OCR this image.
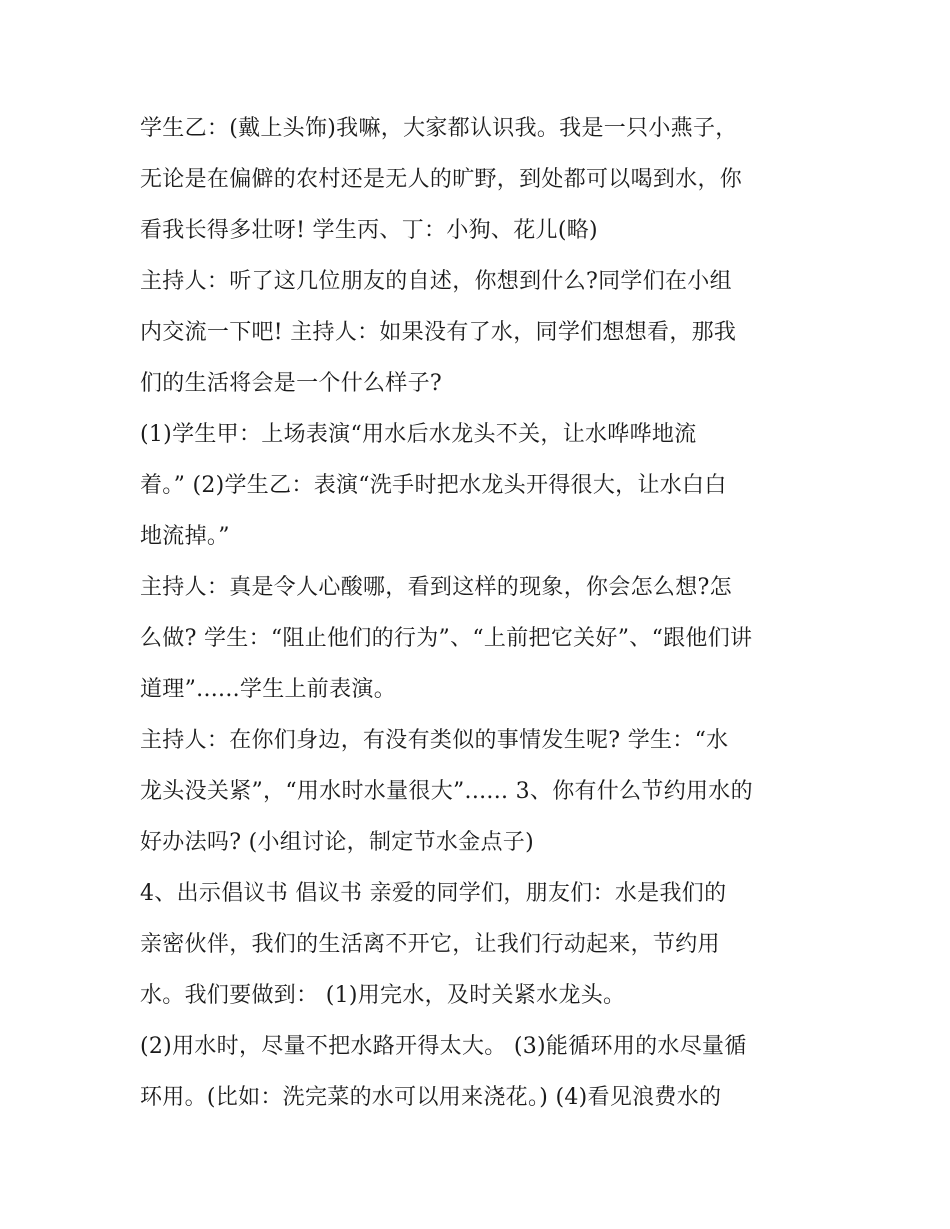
学生乙：(戴上头饰)我嘛，大家都认识我。我是一只小燕子，
无论是在偏僻的农村还是无人的旷野，到处都可以喝到水，你
看我长得多壮呀! 学生丙、丁：小狗、花儿(略)
主持人：听了这几位朋友的自述，你想到什么?同学们在小组
内交流一下吧! 主持人：如果没有了水，同学们想想看，那我
们的生活将会是一个什么样子?
(1)学生甲：上场表演“用水后水龙头不关，让水哗哗地流
着。” (2)学生乙：表演“洗手时把水龙头开得很大，让水白白
地流掉。”
主持人：真是令人心酸哪，看到这样的现象，你会怎么想?怎
么做? 学生：“阻止他们的行为”、“上前把它关好”、“跟他们讲
道理”......学生上前表演。
主持人：在你们身边，有没有类似的事情发生呢? 学生：“水
龙头没关紧”，“用水时水量很大”...... 3、你有什么节约用水的
好办法吗? (小组讨论，制定节水金点子)
4、出示倡议书 倡议书 亲爱的同学们，朋友们：水是我们的
亲密伙伴，我们的生活离不开它，让我们行动起来，节约用
水。我们要做到： (1)用完水，及时关紧水龙头。
(2)用水时，尽量不把水路开得太大。 (3)能循环用的水尽量循
环用。(比如：洗完菜的水可以用来浇花。) (4)看见浪费水的
